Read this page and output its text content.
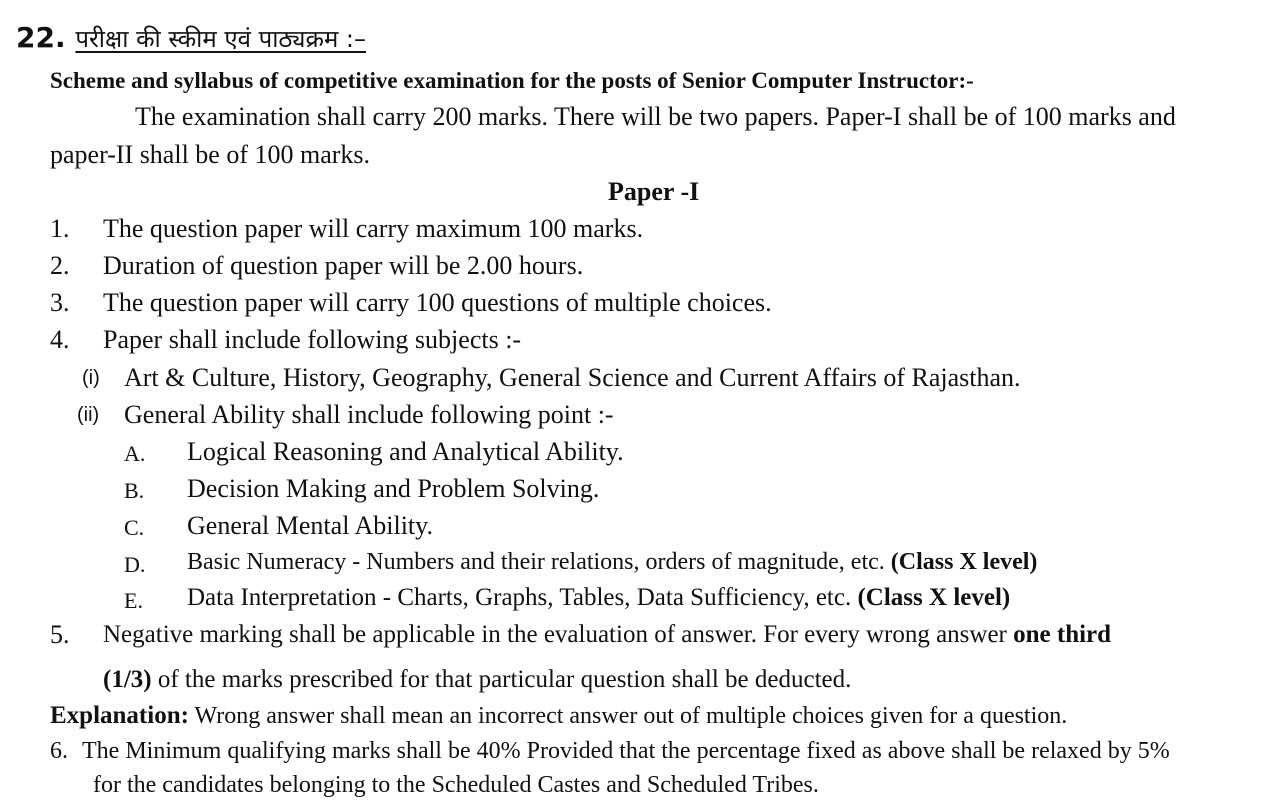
22. परीक्षा की स्कीम एवं पाठ्यक्रम :–
Scheme and syllabus of competitive examination for the posts of Senior Computer Instructor:-
The examination shall carry 200 marks. There will be two papers. Paper-I shall be of 100 marks and
paper-II shall be of 100 marks.
Paper -I
1. The question paper will carry maximum 100 marks.
2. Duration of question paper will be 2.00 hours.
3. The question paper will carry 100 questions of multiple choices.
4. Paper shall include following subjects :-
(i) Art & Culture, History, Geography, General Science and Current Affairs of Rajasthan.
(ii) General Ability shall include following point :-
A. Logical Reasoning and Analytical Ability.
B. Decision Making and Problem Solving.
C. General Mental Ability.
D. Basic Numeracy - Numbers and their relations, orders of magnitude, etc. (Class X level)
E. Data Interpretation - Charts, Graphs, Tables, Data Sufficiency, etc. (Class X level)
5. Negative marking shall be applicable in the evaluation of answer. For every wrong answer one third
(1/3) of the marks prescribed for that particular question shall be deducted.
Explanation: Wrong answer shall mean an incorrect answer out of multiple choices given for a question.
6. The Minimum qualifying marks shall be 40% Provided that the percentage fixed as above shall be relaxed by 5%
for the candidates belonging to the Scheduled Castes and Scheduled Tribes.
